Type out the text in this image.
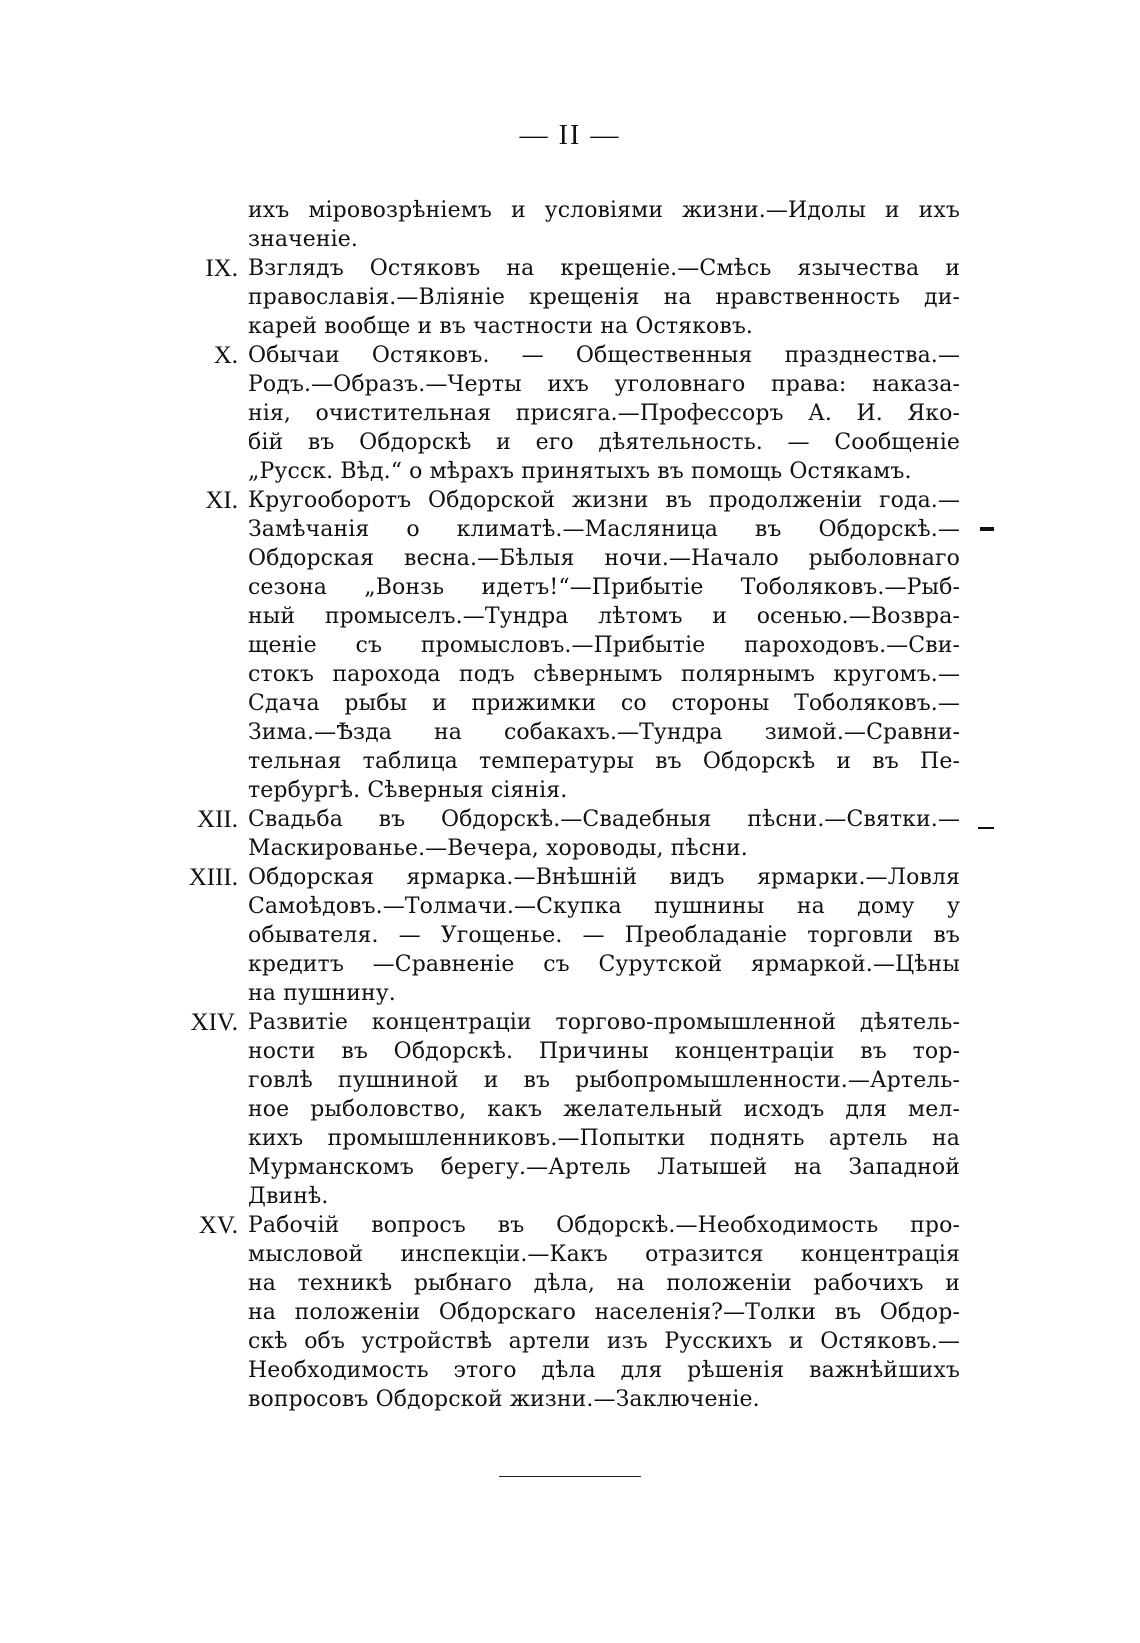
— II —
ихъ міровозрѣніемъ и условіями жизни.—Идолы и ихъ
значеніе.
IX. Взглядъ Остяковъ на крещеніе.—Смѣсь язычества и
православія.—Вліяніе крещенія на нравственность ди-
карей вообще и въ частности на Остяковъ.
X. Обычаи Остяковъ. — Общественныя празднества.—
Родъ.—Образъ.—Черты ихъ уголовнаго права: наказа-
нія, очистительная присяга.—Профессоръ А. И. Яко-
бій въ Обдорскѣ и его дѣятельность. — Сообщеніе
„Русск. Вѣд.“ о мѣрахъ принятыхъ въ помощь Остякамъ.
XI. Кругооборотъ Обдорской жизни въ продолженіи года.—
Замѣчанія о климатѣ.—Масляница въ Обдорскѣ.—
Обдорская весна.—Бѣлыя ночи.—Начало рыболовнаго
сезона „Вонзь идетъ!“—Прибытіе Тоболяковъ.—Рыб-
ный промыселъ.—Тундра лѣтомъ и осенью.—Возвра-
щеніе съ промысловъ.—Прибытіе пароходовъ.—Сви-
стокъ парохода подъ сѣвернымъ полярнымъ кругомъ.—
Сдача рыбы и прижимки со стороны Тоболяковъ.—
Зима.—Ѣзда на собакахъ.—Тундра зимой.—Сравни-
тельная таблица температуры въ Обдорскѣ и въ Пе-
тербургѣ. Сѣверныя сіянія.
XII. Свадьба въ Обдорскѣ.—Свадебныя пѣсни.—Святки.—
Маскированье.—Вечера, хороводы, пѣсни.
XIII. Обдорская ярмарка.—Внѣшній видъ ярмарки.—Ловля
Самоѣдовъ.—Толмачи.—Скупка пушнины на дому у
обывателя. — Угощенье. — Преобладаніе торговли въ
кредитъ —Сравненіе съ Сурутской ярмаркой.—Цѣны
на пушнину.
XIV. Развитіе концентраціи торгово-промышленной дѣятель-
ности въ Обдорскѣ. Причины концентраціи въ тор-
говлѣ пушниной и въ рыбопромышленности.—Артель-
ное рыболовство, какъ желательный исходъ для мел-
кихъ промышленниковъ.—Попытки поднять артель на
Мурманскомъ берегу.—Артель Латышей на Западной
Двинѣ.
XV. Рабочій вопросъ въ Обдорскѣ.—Необходимость про-
мысловой инспекціи.—Какъ отразится концентрація
на техникѣ рыбнаго дѣла, на положеніи рабочихъ и
на положеніи Обдорскаго населенія?—Толки въ Обдор-
скѣ объ устройствѣ артели изъ Русскихъ и Остяковъ.—
Необходимость этого дѣла для рѣшенія важнѣйшихъ
вопросовъ Обдорской жизни.—Заключеніе.
